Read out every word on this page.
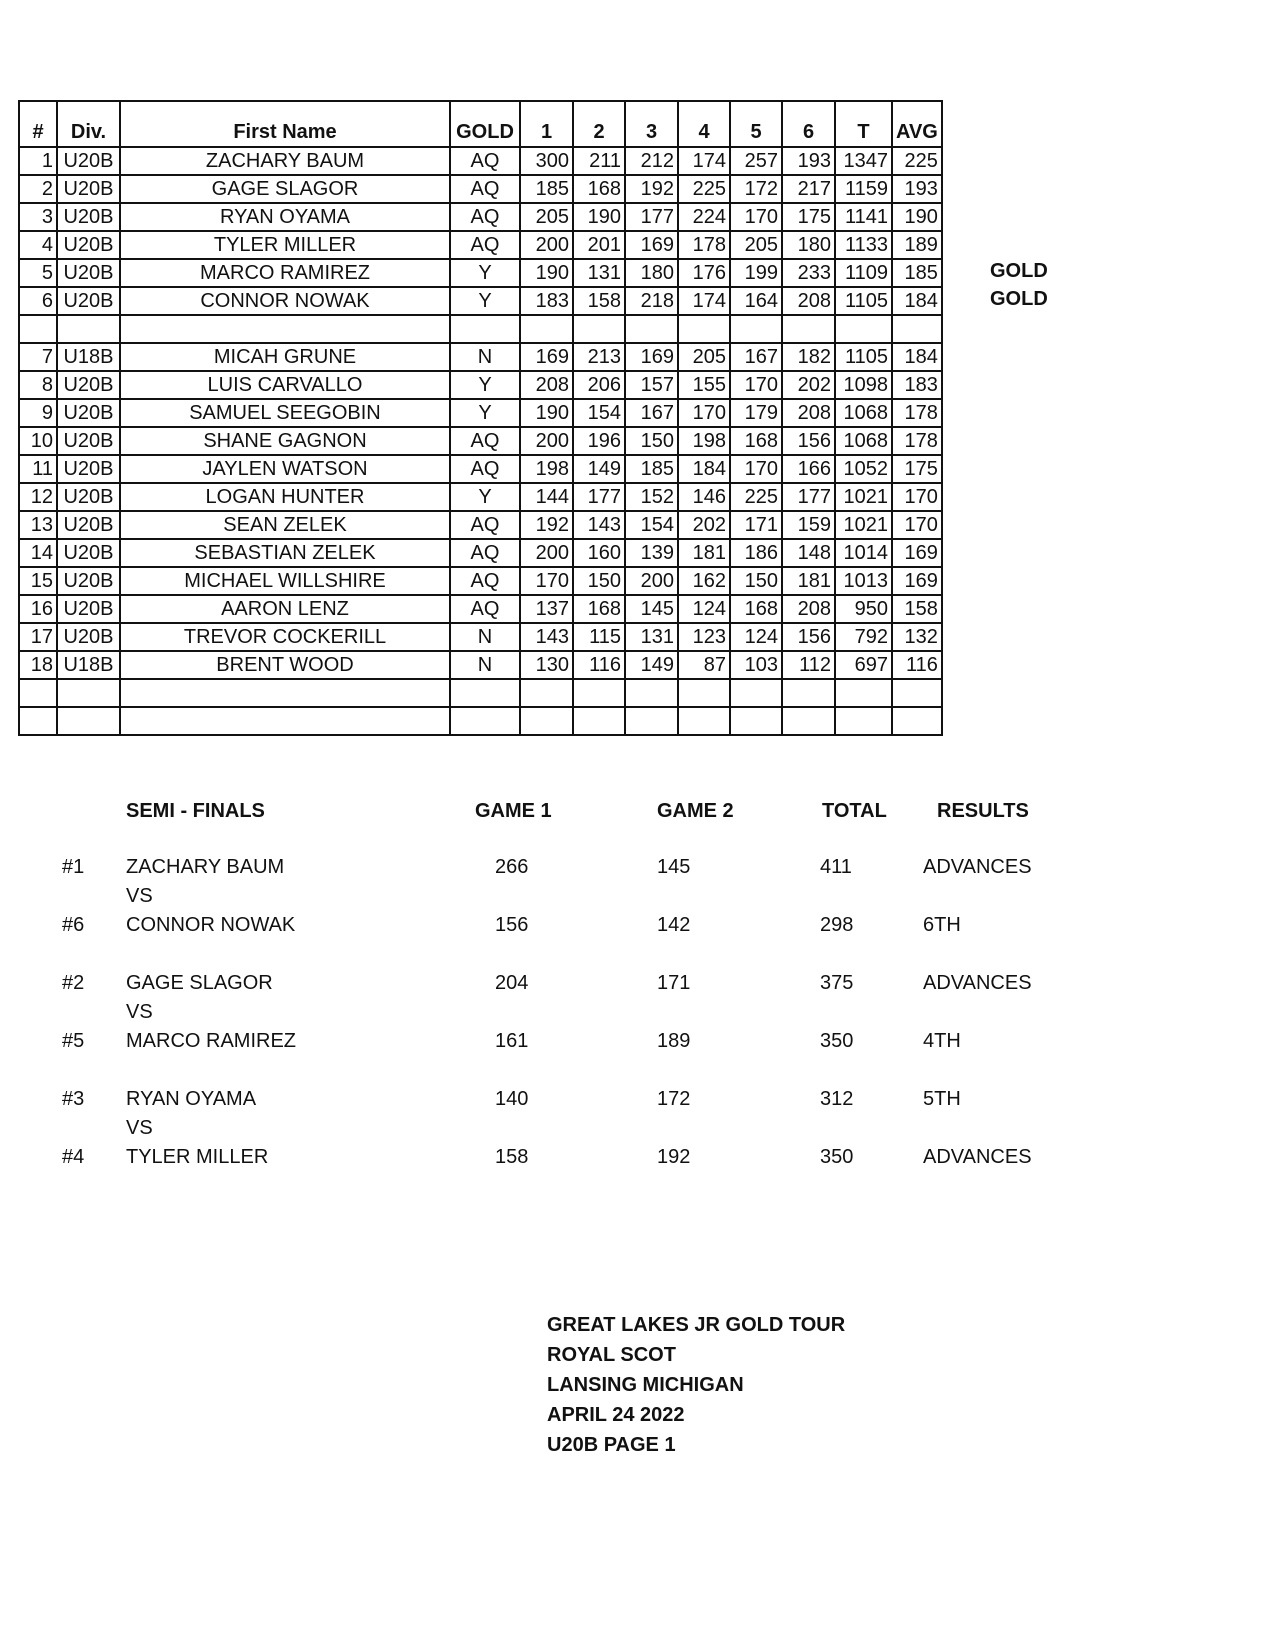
#	Div.	First Name	GOLD	1	2	3	4	5	6	T	AVG
1	U20B	ZACHARY BAUM	AQ	300	211	212	174	257	193	1347	225
2	U20B	GAGE SLAGOR	AQ	185	168	192	225	172	217	1159	193
3	U20B	RYAN OYAMA	AQ	205	190	177	224	170	175	1141	190
4	U20B	TYLER MILLER	AQ	200	201	169	178	205	180	1133	189
5	U20B	MARCO RAMIREZ	Y	190	131	180	176	199	233	1109	185
6	U20B	CONNOR NOWAK	Y	183	158	218	174	164	208	1105	184

7	U18B	MICAH GRUNE	N	169	213	169	205	167	182	1105	184
8	U20B	LUIS CARVALLO	Y	208	206	157	155	170	202	1098	183
9	U20B	SAMUEL SEEGOBIN	Y	190	154	167	170	179	208	1068	178
10	U20B	SHANE GAGNON	AQ	200	196	150	198	168	156	1068	178
11	U20B	JAYLEN WATSON	AQ	198	149	185	184	170	166	1052	175
12	U20B	LOGAN HUNTER	Y	144	177	152	146	225	177	1021	170
13	U20B	SEAN ZELEK	AQ	192	143	154	202	171	159	1021	170
14	U20B	SEBASTIAN ZELEK	AQ	200	160	139	181	186	148	1014	169
15	U20B	MICHAEL WILLSHIRE	AQ	170	150	200	162	150	181	1013	169
16	U20B	AARON LENZ	AQ	137	168	145	124	168	208	950	158
17	U20B	TREVOR COCKERILL	N	143	115	131	123	124	156	792	132
18	U18B	BRENT WOOD	N	130	116	149	87	103	112	697	116

GOLD
GOLD
SEMI - FINALS	GAME 1	GAME 2	TOTAL	RESULTS
#1 ZACHARY BAUM	266	145	411	ADVANCES
#6 CONNOR NOWAK	156	142	298	6TH
VS
#2 GAGE SLAGOR	204	171	375	ADVANCES
#5 MARCO RAMIREZ	161	189	350	4TH
VS
#3 RYAN OYAMA	140	172	312	5TH
#4 TYLER MILLER	158	192	350	ADVANCES
VS
GREAT LAKES JR GOLD TOUR
ROYAL SCOT
LANSING MICHIGAN
APRIL 24 2022
U20B PAGE 1
